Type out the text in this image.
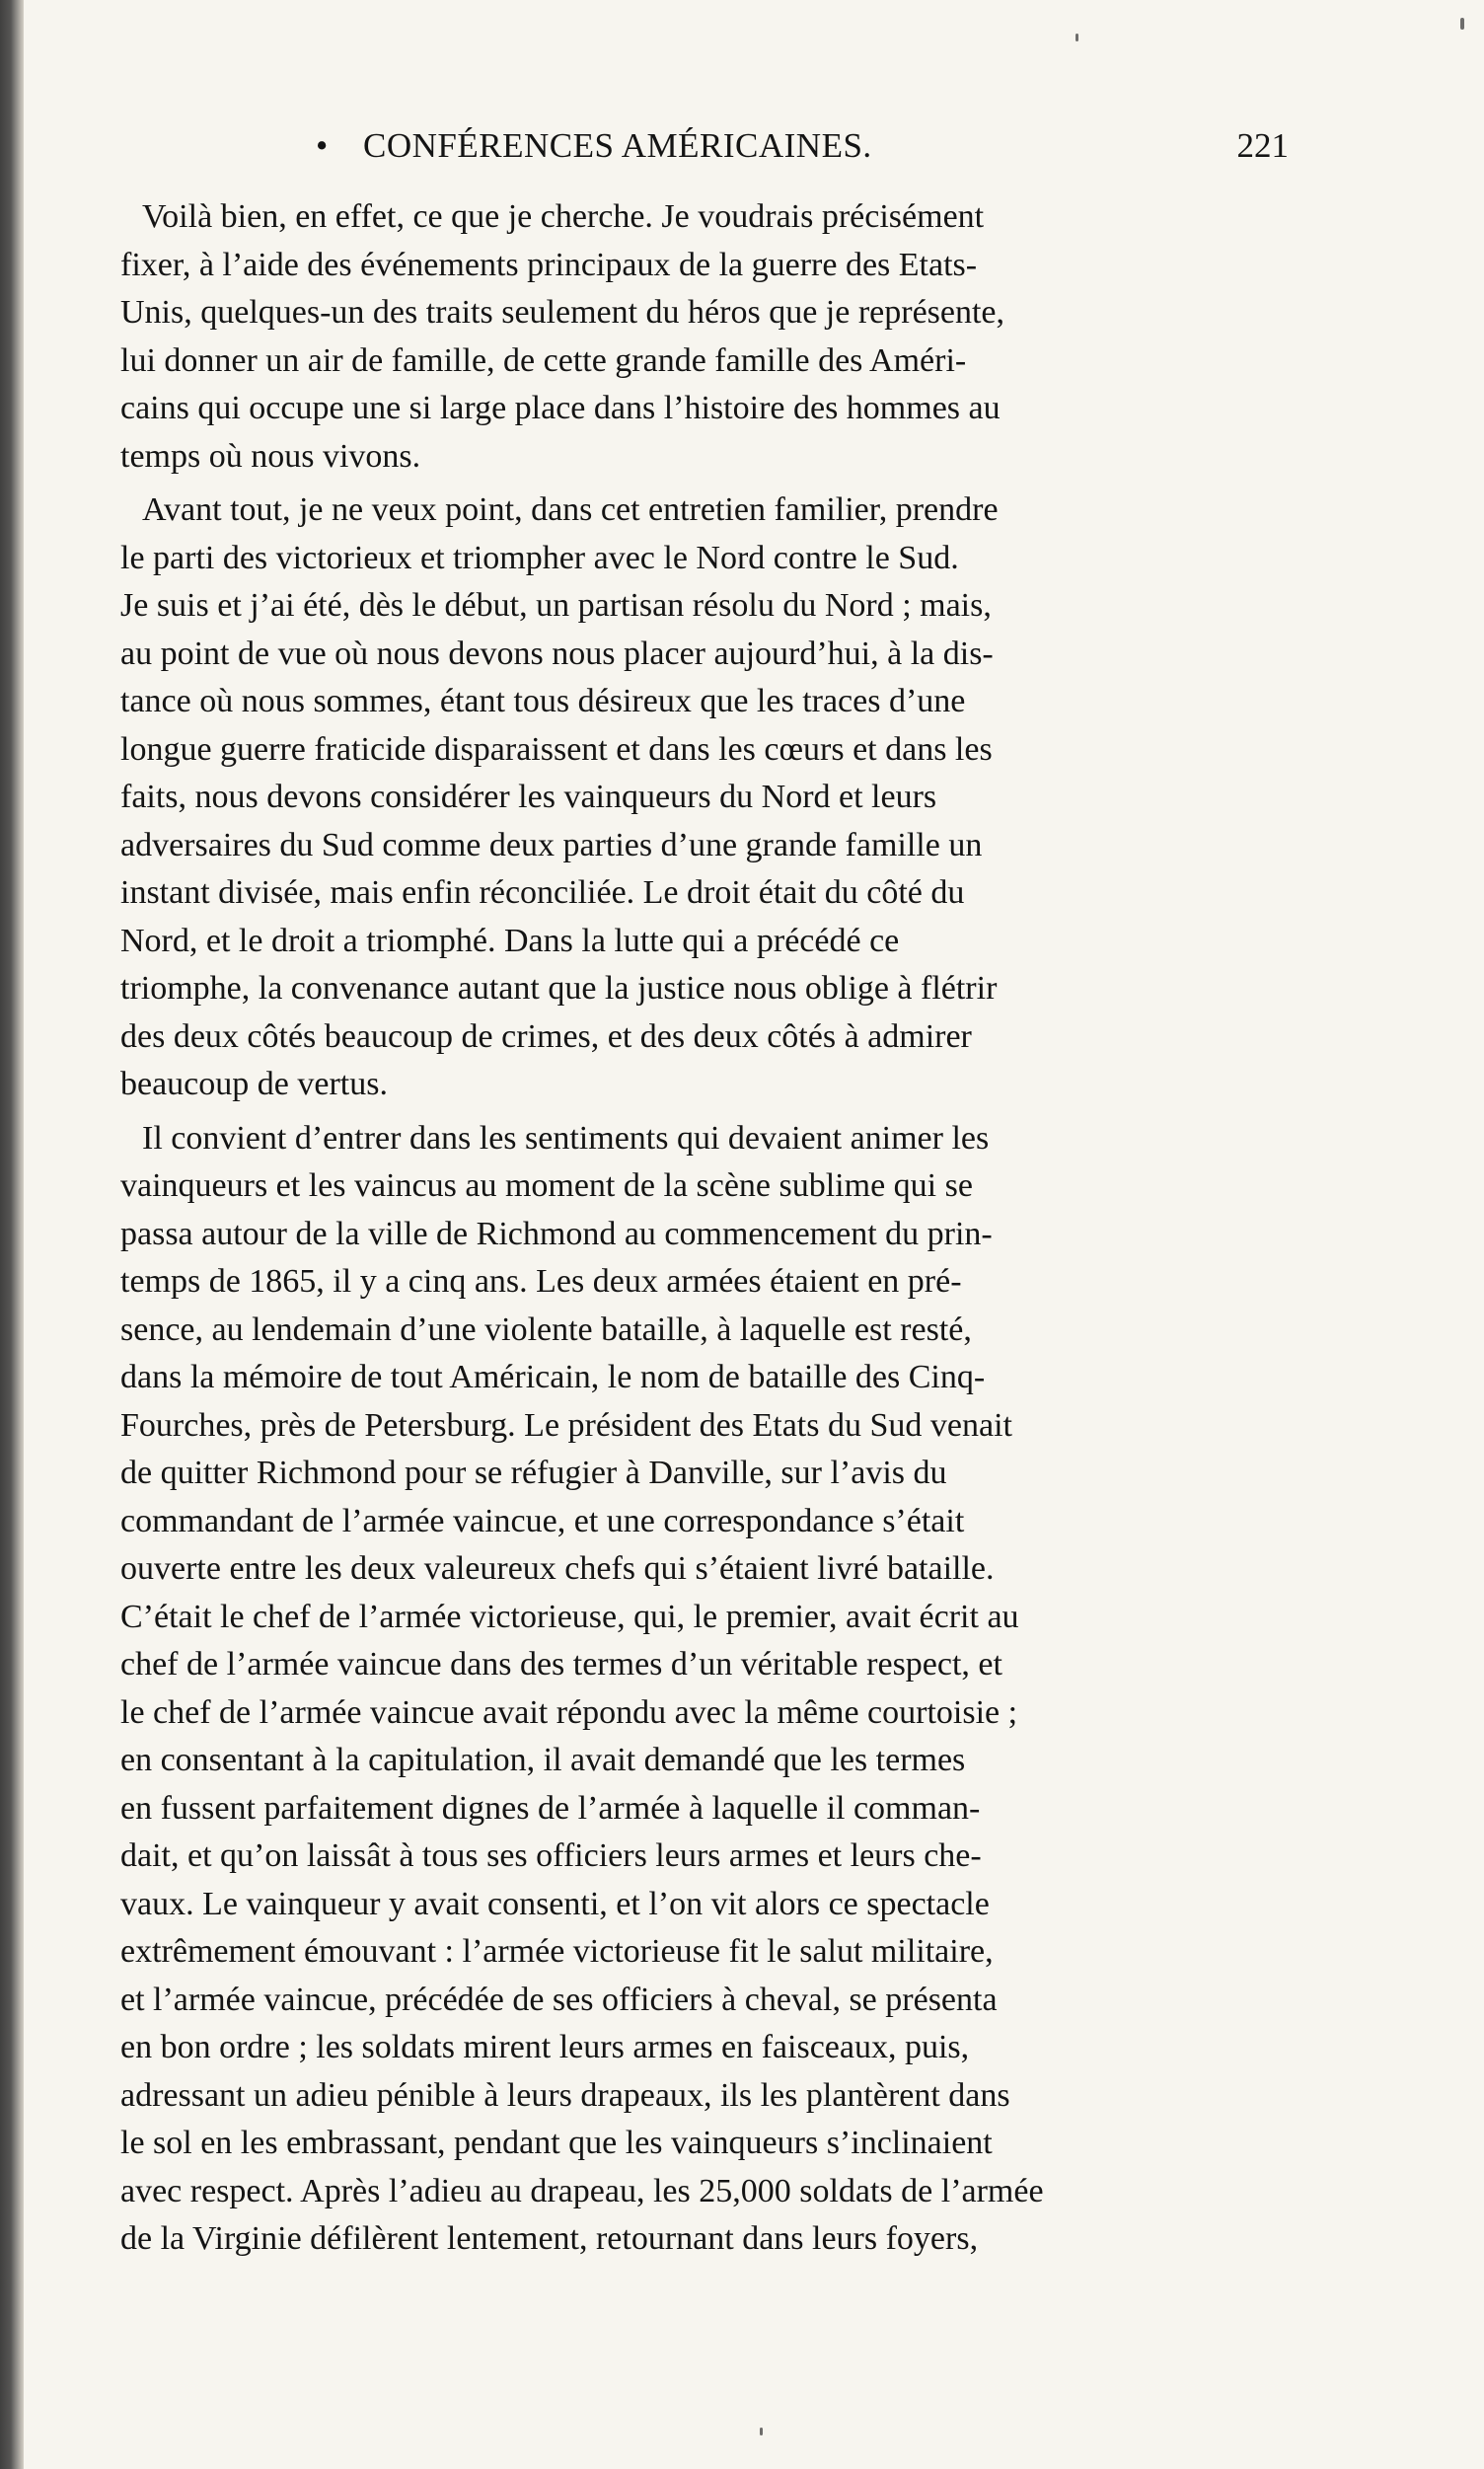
• CONFÉRENCES AMÉRICAINES.	221

Voilà bien, en effet, ce que je cherche. Je voudrais précisément
fixer, à l’aide des événements principaux de la guerre des Etats-
Unis, quelques-un des traits seulement du héros que je représente,
lui donner un air de famille, de cette grande famille des Améri-
cains qui occupe une si large place dans l’histoire des hommes au
temps où nous vivons.

Avant tout, je ne veux point, dans cet entretien familier, prendre
le parti des victorieux et triompher avec le Nord contre le Sud.
Je suis et j’ai été, dès le début, un partisan résolu du Nord ; mais,
au point de vue où nous devons nous placer aujourd’hui, à la dis-
tance où nous sommes, étant tous désireux que les traces d’une
longue guerre fraticide disparaissent et dans les cœurs et dans les
faits, nous devons considérer les vainqueurs du Nord et leurs
adversaires du Sud comme deux parties d’une grande famille un
instant divisée, mais enfin réconciliée. Le droit était du côté du
Nord, et le droit a triomphé. Dans la lutte qui a précédé ce
triomphe, la convenance autant que la justice nous oblige à flétrir
des deux côtés beaucoup de crimes, et des deux côtés à admirer
beaucoup de vertus.

Il convient d’entrer dans les sentiments qui devaient animer les
vainqueurs et les vaincus au moment de la scène sublime qui se
passa autour de la ville de Richmond au commencement du prin-
temps de 1865, il y a cinq ans. Les deux armées étaient en pré-
sence, au lendemain d’une violente bataille, à laquelle est resté,
dans la mémoire de tout Américain, le nom de bataille des Cinq-
Fourches, près de Petersburg. Le président des Etats du Sud venait
de quitter Richmond pour se réfugier à Danville, sur l’avis du
commandant de l’armée vaincue, et une correspondance s’était
ouverte entre les deux valeureux chefs qui s’étaient livré bataille.
C’était le chef de l’armée victorieuse, qui, le premier, avait écrit au
chef de l’armée vaincue dans des termes d’un véritable respect, et
le chef de l’armée vaincue avait répondu avec la même courtoisie ;
en consentant à la capitulation, il avait demandé que les termes
en fussent parfaitement dignes de l’armée à laquelle il comman-
dait, et qu’on laissât à tous ses officiers leurs armes et leurs che-
vaux. Le vainqueur y avait consenti, et l’on vit alors ce spectacle
extrêmement émouvant : l’armée victorieuse fit le salut militaire,
et l’armée vaincue, précédée de ses officiers à cheval, se présenta
en bon ordre ; les soldats mirent leurs armes en faisceaux, puis,
adressant un adieu pénible à leurs drapeaux, ils les plantèrent dans
le sol en les embrassant, pendant que les vainqueurs s’inclinaient
avec respect. Après l’adieu au drapeau, les 25,000 soldats de l’armée
de la Virginie défilèrent lentement, retournant dans leurs foyers,
